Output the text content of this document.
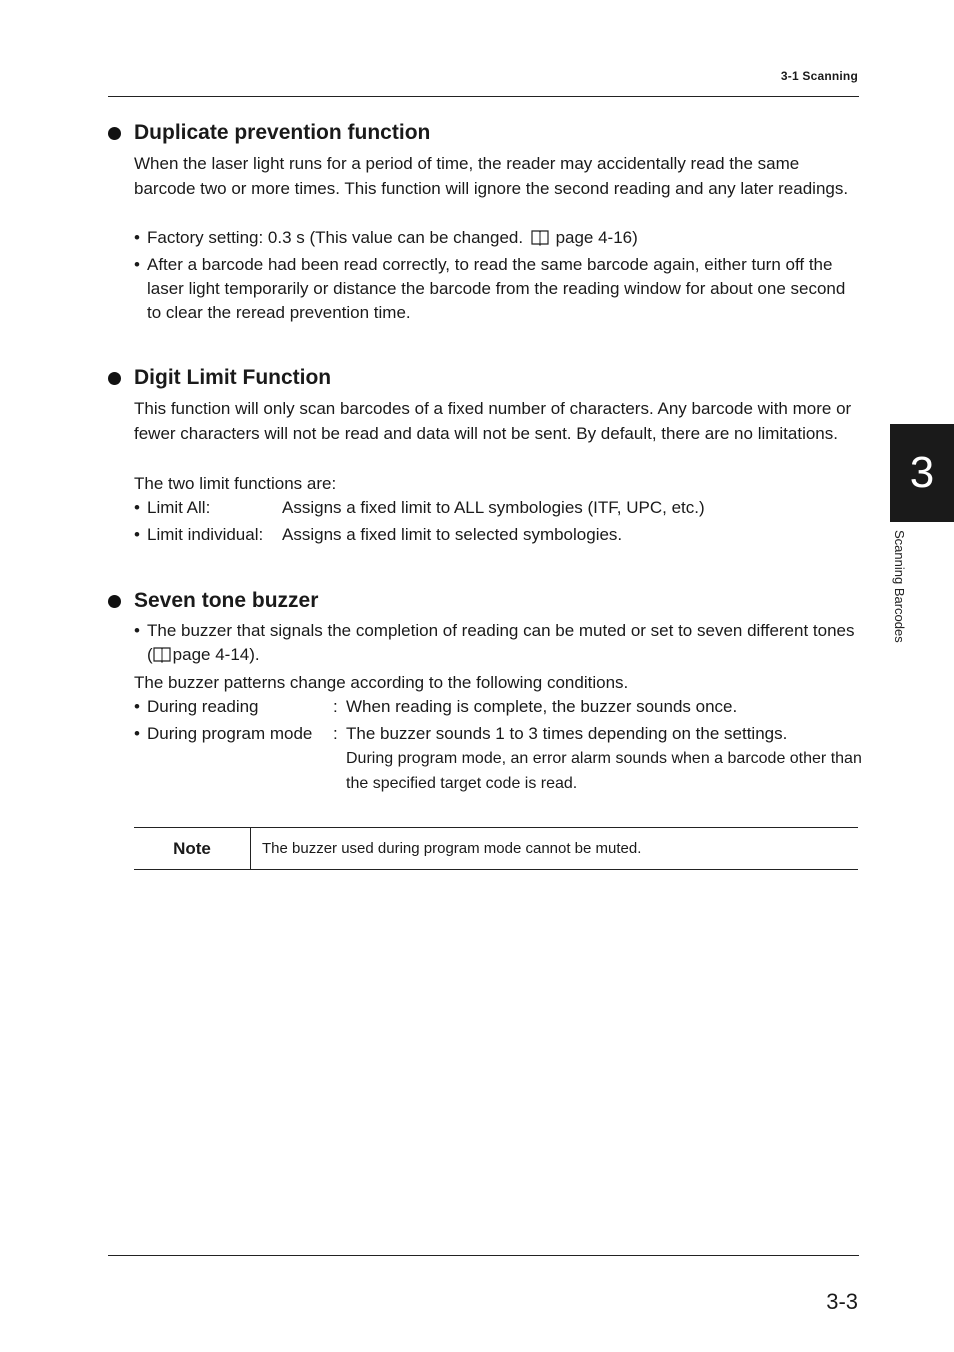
3-1 Scanning
3
Scanning Barcodes
Duplicate prevention function

When the laser light runs for a period of time, the reader may accidentally read the same barcode two or more times. This function will ignore the second reading and any later readings.

• Factory setting: 0.3 s (This value can be changed. page 4-16)
• After a barcode had been read correctly, to read the same barcode again, either turn off the laser light temporarily or distance the barcode from the reading window for about one second to clear the reread prevention time.
Digit Limit Function

This function will only scan barcodes of a fixed number of characters. Any barcode with more or fewer characters will not be read and data will not be sent. By default, there are no limitations.

The two limit functions are:

• Limit All:	Assigns a fixed limit to ALL symbologies (ITF, UPC, etc.)
• Limit individual:	Assigns a fixed limit to selected symbologies.
Seven tone buzzer
• The buzzer that signals the completion of reading can be muted or set to seven different tones ( page 4-14).

The buzzer patterns change according to the following conditions.

• During reading	: When reading is complete, the buzzer sounds once.
• During program mode	: The buzzer sounds 1 to 3 times depending on the settings.
During program mode, an error alarm sounds when a barcode other than the specified target code is read.
Note	The buzzer used during program mode cannot be muted.
3-3
